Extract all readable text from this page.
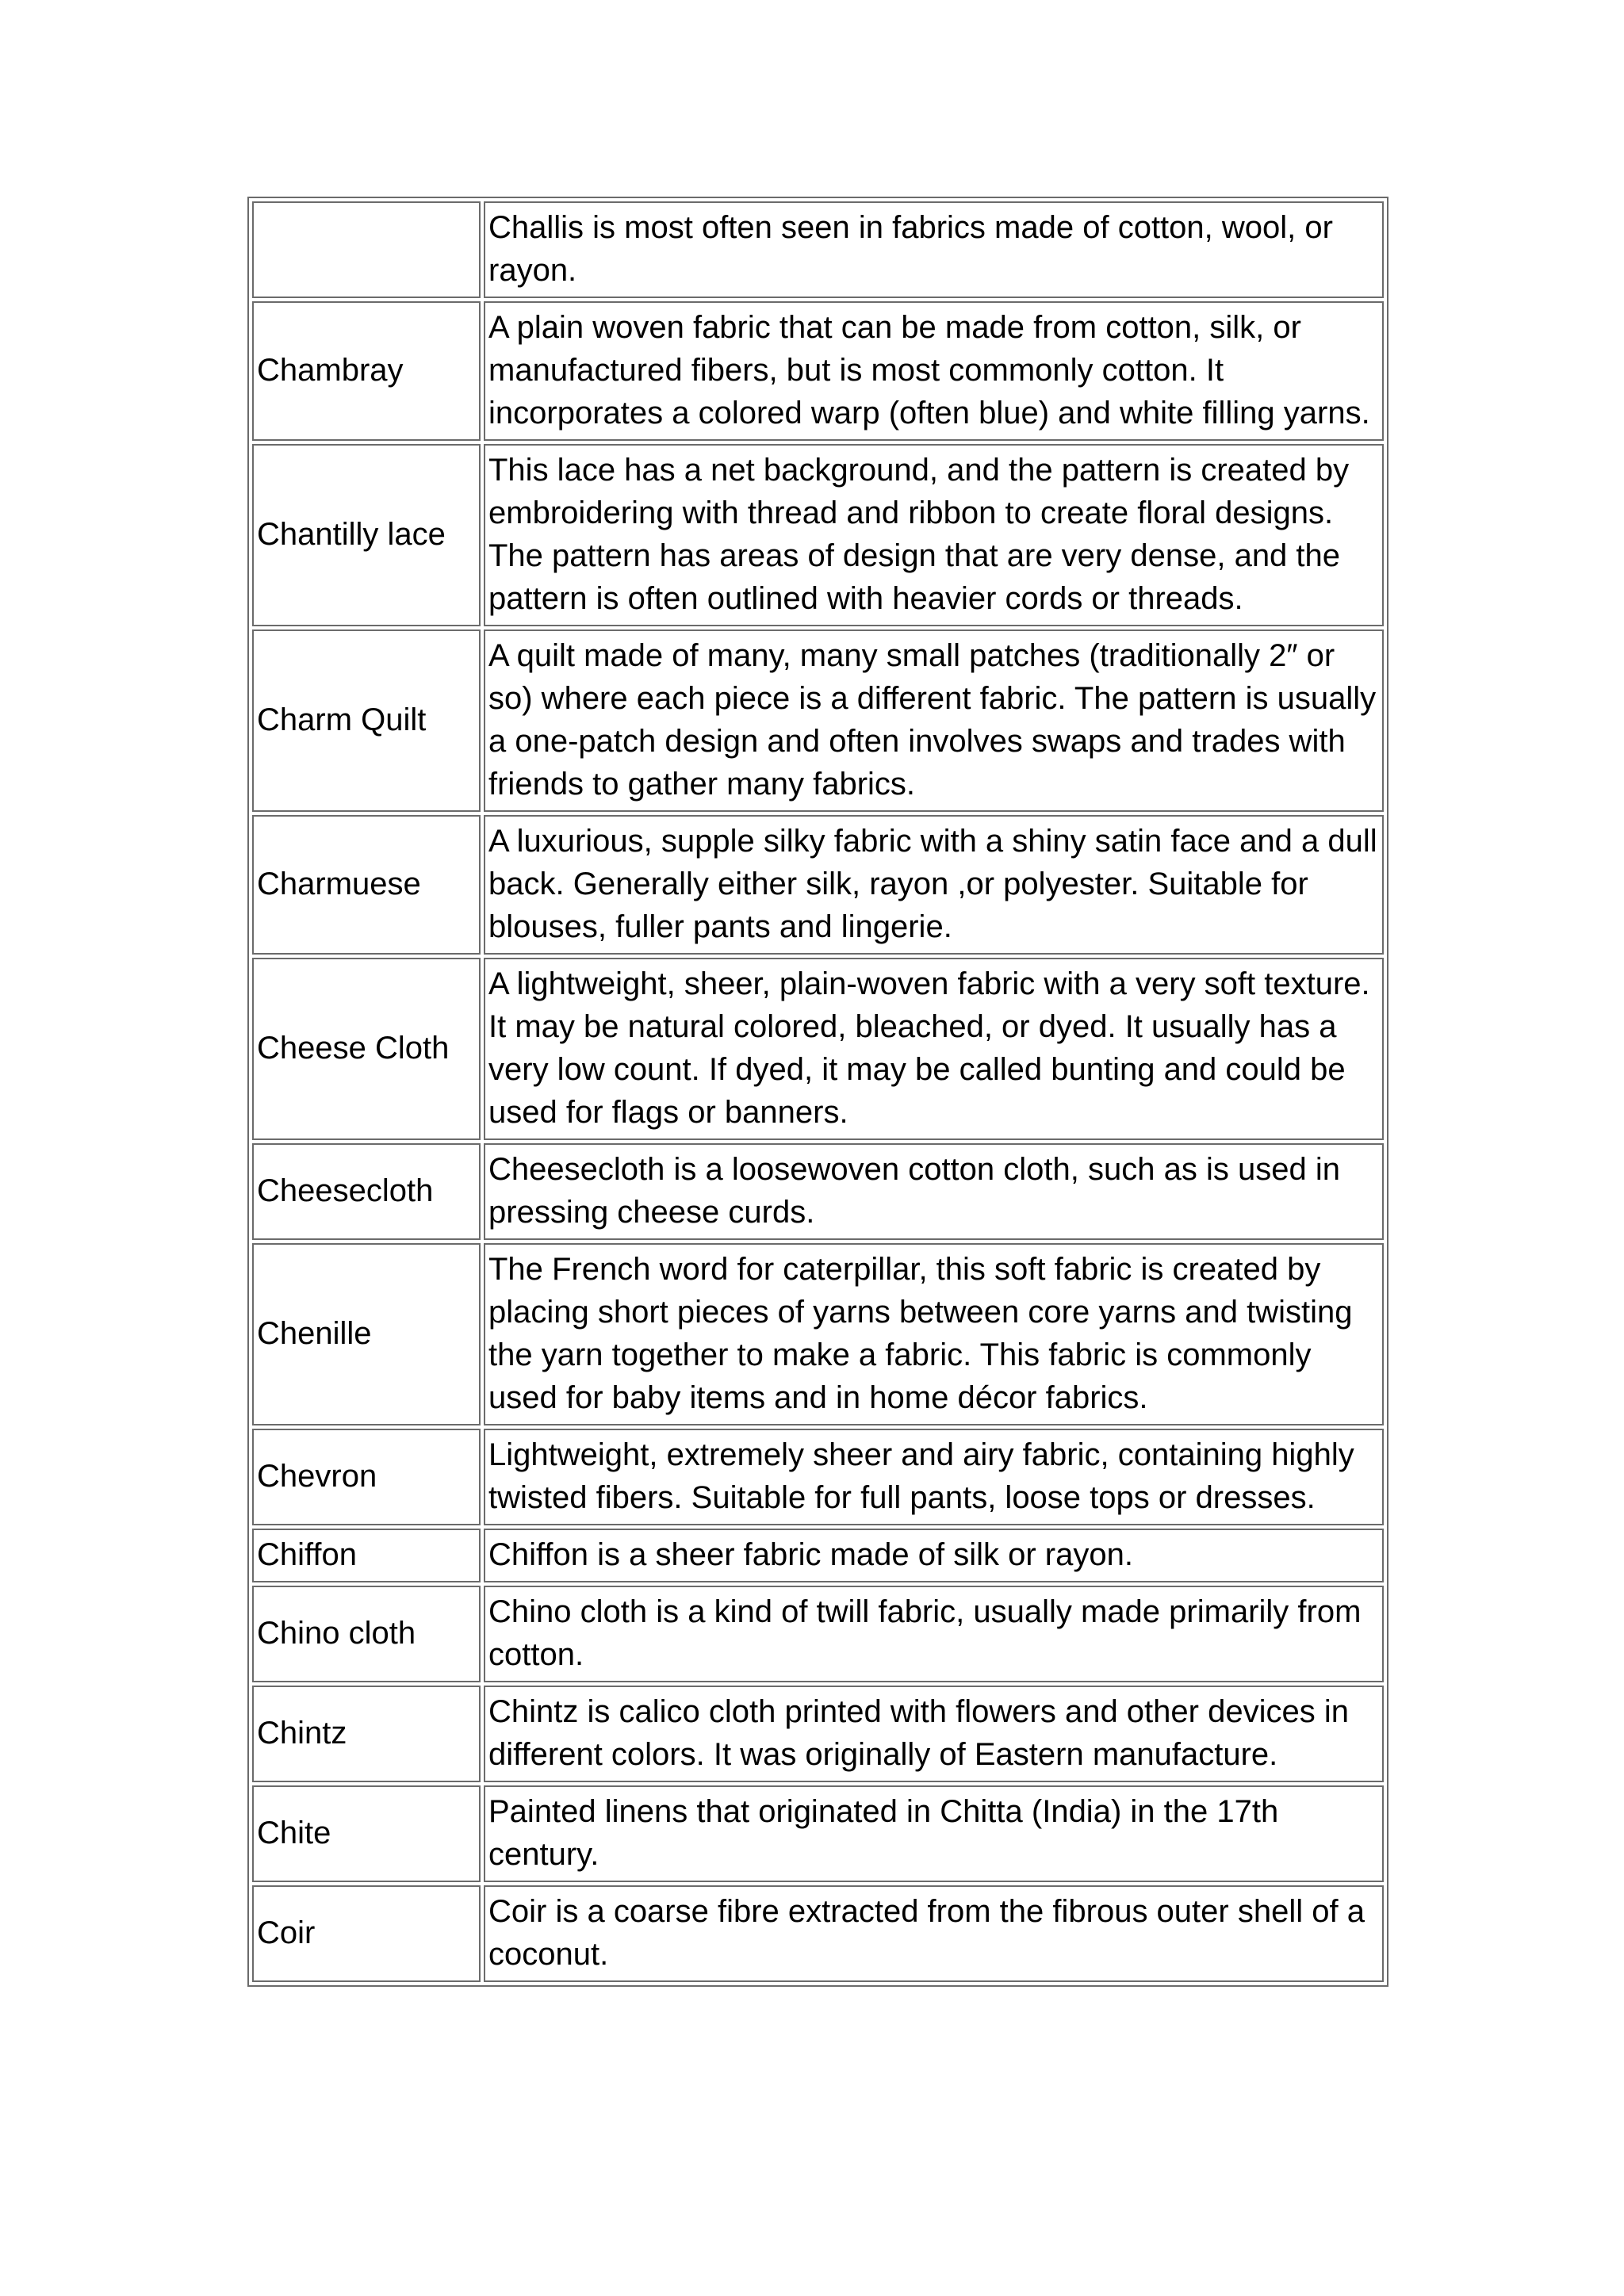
	Challis is most often seen in fabrics made of cotton, wool, or rayon.
Chambray	A plain woven fabric that can be made from cotton, silk, or manufactured fibers, but is most commonly cotton. It incorporates a colored warp (often blue) and white filling yarns.
Chantilly lace	This lace has a net background, and the pattern is created by embroidering with thread and ribbon to create floral designs. The pattern has areas of design that are very dense, and the pattern is often outlined with heavier cords or threads.
Charm Quilt	A quilt made of many, many small patches (traditionally 2″ or so) where each piece is a different fabric. The pattern is usually a one-patch design and often involves swaps and trades with friends to gather many fabrics.
Charmuese	A luxurious, supple silky fabric with a shiny satin face and a dull back. Generally either silk, rayon ,or polyester. Suitable for blouses, fuller pants and lingerie.
Cheese Cloth	A lightweight, sheer, plain-woven fabric with a very soft texture. It may be natural colored, bleached, or dyed. It usually has a very low count. If dyed, it may be called bunting and could be used for flags or banners.
Cheesecloth	Cheesecloth is a loosewoven cotton cloth, such as is used in pressing cheese curds.
Chenille	The French word for caterpillar, this soft fabric is created by placing short pieces of yarns between core yarns and twisting the yarn together to make a fabric. This fabric is commonly used for baby items and in home décor fabrics.
Chevron	Lightweight, extremely sheer and airy fabric, containing highly twisted fibers. Suitable for full pants, loose tops or dresses.
Chiffon	Chiffon is a sheer fabric made of silk or rayon.
Chino cloth	Chino cloth is a kind of twill fabric, usually made primarily from cotton.
Chintz	Chintz is calico cloth printed with flowers and other devices in different colors. It was originally of Eastern manufacture.
Chite	Painted linens that originated in Chitta (India) in the 17th century.
Coir	Coir is a coarse fibre extracted from the fibrous outer shell of a coconut.
